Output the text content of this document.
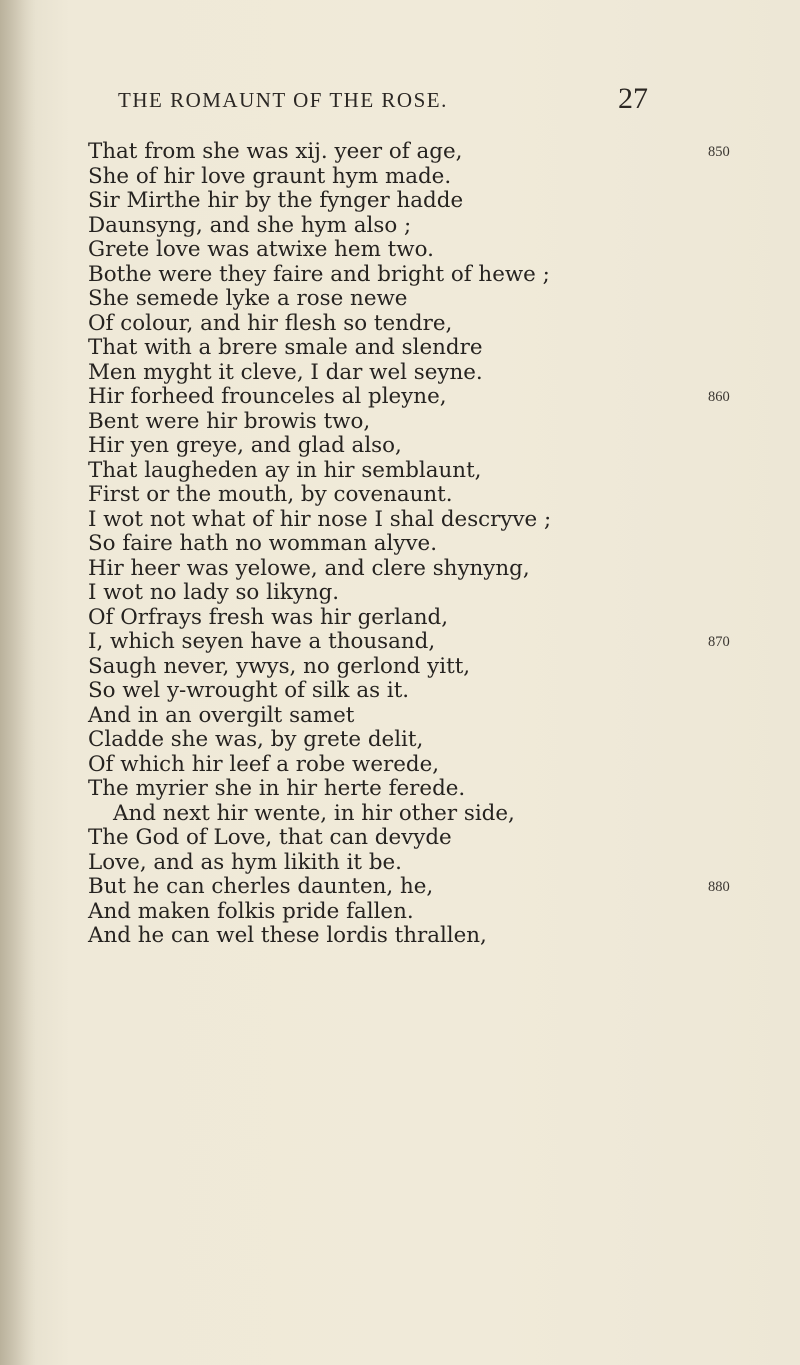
THE ROMAUNT OF THE ROSE.	27
That from she was xij. yeer of age,
She of hir love graunt hym made.
Sir Mirthe hir by the fynger hadde
Daunsyng, and she hym also ;
Grete love was atwixe hem two.
Bothe were they faire and bright of hewe ;
She semede lyke a rose newe
Of colour, and hir flesh so tendre,
That with a brere smale and slendre
Men myght it cleve, I dar wel seyne.
Hir forheed frounceles al pleyne,
Bent were hir browis two,
Hir yen greye, and glad also,
That laugheden ay in hir semblaunt,
First or the mouth, by covenaunt.
I wot not what of hir nose I shal descryve ;
So faire hath no womman alyve.
Hir heer was yelowe, and clere shynyng,
I wot no lady so likyng.
Of Orfrays fresh was hir gerland,
I, which seyen have a thousand,
Saugh never, ywys, no gerlond yitt,
So wel y-wrought of silk as it.
And in an overgilt samet
Cladde she was, by grete delit,
Of which hir leef a robe werede,
The myrier she in hir herte ferede.
And next hir wente, in hir other side,
The God of Love, that can devyde
Love, and as hym likith it be.
But he can cherles daunten, he,
And maken folkis pride fallen.
And he can wel these lordis thrallen,
850
860
870
880
